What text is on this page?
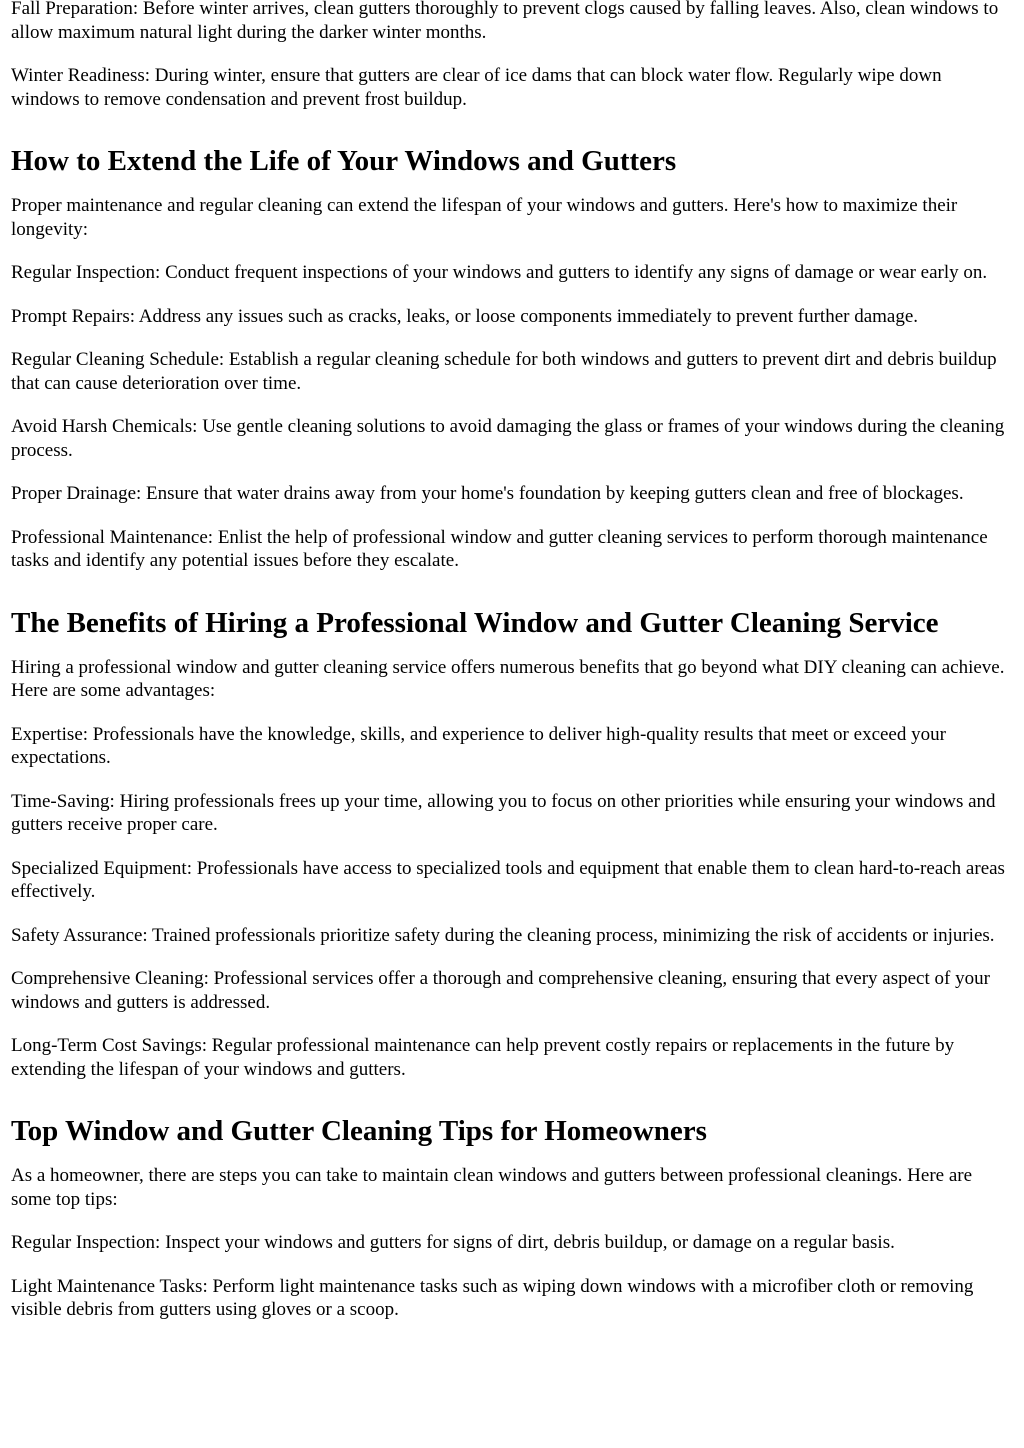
Fall Preparation: Before winter arrives, clean gutters thoroughly to prevent clogs caused by falling leaves. Also, clean windows to allow maximum natural light during the darker winter months.

Winter Readiness: During winter, ensure that gutters are clear of ice dams that can block water flow. Regularly wipe down windows to remove condensation and prevent frost buildup.

How to Extend the Life of Your Windows and Gutters

Proper maintenance and regular cleaning can extend the lifespan of your windows and gutters. Here's how to maximize their longevity:

Regular Inspection: Conduct frequent inspections of your windows and gutters to identify any signs of damage or wear early on.

Prompt Repairs: Address any issues such as cracks, leaks, or loose components immediately to prevent further damage.

Regular Cleaning Schedule: Establish a regular cleaning schedule for both windows and gutters to prevent dirt and debris buildup that can cause deterioration over time.

Avoid Harsh Chemicals: Use gentle cleaning solutions to avoid damaging the glass or frames of your windows during the cleaning process.

Proper Drainage: Ensure that water drains away from your home's foundation by keeping gutters clean and free of blockages.

Professional Maintenance: Enlist the help of professional window and gutter cleaning services to perform thorough maintenance tasks and identify any potential issues before they escalate.

The Benefits of Hiring a Professional Window and Gutter Cleaning Service

Hiring a professional window and gutter cleaning service offers numerous benefits that go beyond what DIY cleaning can achieve. Here are some advantages:

Expertise: Professionals have the knowledge, skills, and experience to deliver high-quality results that meet or exceed your expectations.

Time-Saving: Hiring professionals frees up your time, allowing you to focus on other priorities while ensuring your windows and gutters receive proper care.

Specialized Equipment: Professionals have access to specialized tools and equipment that enable them to clean hard-to-reach areas effectively.

Safety Assurance: Trained professionals prioritize safety during the cleaning process, minimizing the risk of accidents or injuries.

Comprehensive Cleaning: Professional services offer a thorough and comprehensive cleaning, ensuring that every aspect of your windows and gutters is addressed.

Long-Term Cost Savings: Regular professional maintenance can help prevent costly repairs or replacements in the future by extending the lifespan of your windows and gutters.

Top Window and Gutter Cleaning Tips for Homeowners

As a homeowner, there are steps you can take to maintain clean windows and gutters between professional cleanings. Here are some top tips:

Regular Inspection: Inspect your windows and gutters for signs of dirt, debris buildup, or damage on a regular basis.

Light Maintenance Tasks: Perform light maintenance tasks such as wiping down windows with a microfiber cloth or removing visible debris from gutters using gloves or a scoop.
